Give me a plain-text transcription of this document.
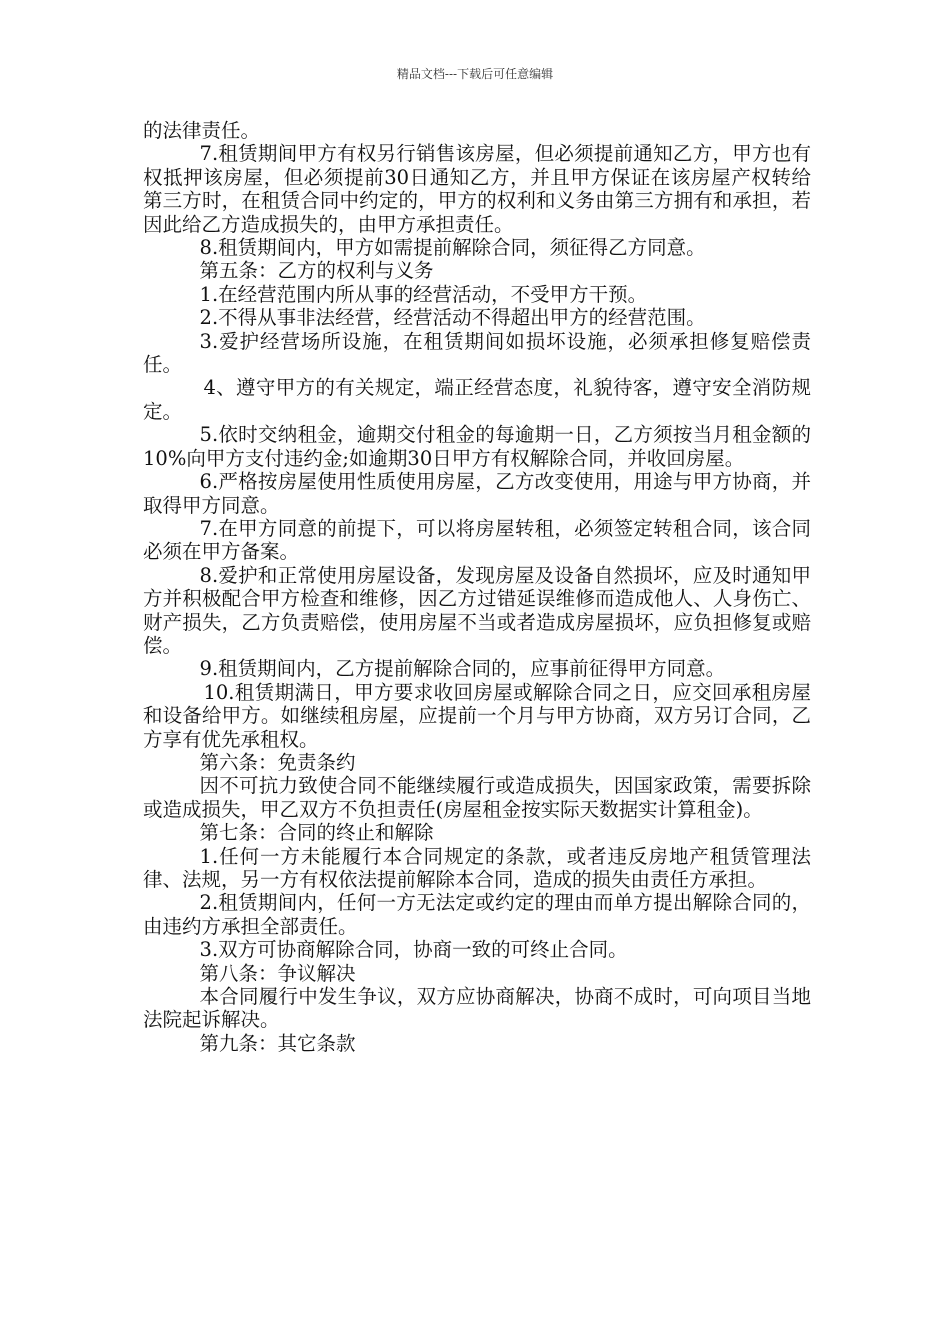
精品文档---下载后可任意编辑

的法律责任。

7.租赁期间甲方有权另行销售该房屋，但必须提前通知乙方，甲方也有权抵押该房屋，但必须提前30日通知乙方，并且甲方保证在该房屋产权转给第三方时，在租赁合同中约定的，甲方的权利和义务由第三方拥有和承担，若因此给乙方造成损失的，由甲方承担责任。

8.租赁期间内，甲方如需提前解除合同，须征得乙方同意。

第五条：乙方的权利与义务

1.在经营范围内所从事的经营活动，不受甲方干预。

2.不得从事非法经营，经营活动不得超出甲方的经营范围。

3.爱护经营场所设施，在租赁期间如损坏设施，必须承担修复赔偿责任。

4、遵守甲方的有关规定，端正经营态度，礼貌待客，遵守安全消防规定。

5.依时交纳租金，逾期交付租金的每逾期一日，乙方须按当月租金额的10%向甲方支付违约金;如逾期30日甲方有权解除合同，并收回房屋。

6.严格按房屋使用性质使用房屋，乙方改变使用，用途与甲方协商，并取得甲方同意。

7.在甲方同意的前提下，可以将房屋转租，必须签定转租合同，该合同必须在甲方备案。

8.爱护和正常使用房屋设备，发现房屋及设备自然损坏，应及时通知甲方并积极配合甲方检查和维修，因乙方过错延误维修而造成他人、人身伤亡、财产损失，乙方负责赔偿，使用房屋不当或者造成房屋损坏，应负担修复或赔偿。

9.租赁期间内，乙方提前解除合同的，应事前征得甲方同意。

10.租赁期满日，甲方要求收回房屋或解除合同之日，应交回承租房屋和设备给甲方。如继续租房屋，应提前一个月与甲方协商，双方另订合同，乙方享有优先承租权。

第六条：免责条约

因不可抗力致使合同不能继续履行或造成损失，因国家政策，需要拆除或造成损失，甲乙双方不负担责任(房屋租金按实际天数据实计算租金)。

第七条：合同的终止和解除

1.任何一方未能履行本合同规定的条款，或者违反房地产租赁管理法律、法规，另一方有权依法提前解除本合同，造成的损失由责任方承担。

2.租赁期间内，任何一方无法定或约定的理由而单方提出解除合同的，由违约方承担全部责任。

3.双方可协商解除合同，协商一致的可终止合同。

第八条：争议解决

本合同履行中发生争议，双方应协商解决，协商不成时，可向项目当地法院起诉解决。

第九条：其它条款
